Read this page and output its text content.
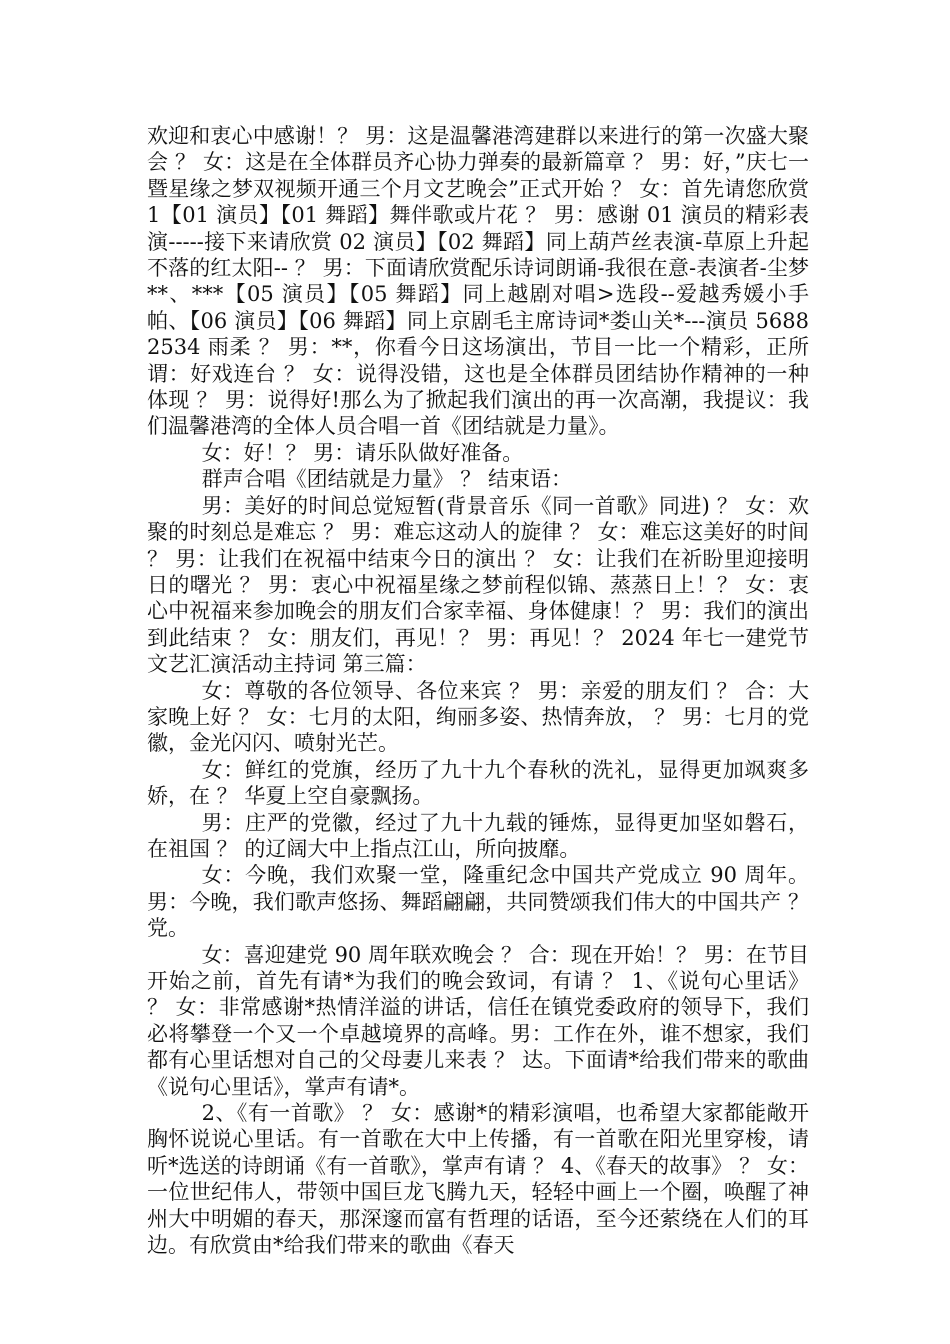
欢迎和衷心中感谢！？ 男：这是温馨港湾建群以来进行的第一次盛大聚会 ？ 女：这是在全体群员齐心协力弹奏的最新篇章 ？ 男：好，”庆七一暨星缘之梦双视频开通三个月文艺晚会”正式开始 ？ 女：首先请您欣赏 1【01 演员】【01 舞蹈】舞伴歌或片花 ？ 男：感谢 01 演员的精彩表演-----接下来请欣赏 02 演员】【02 舞蹈】同上葫芦丝表演-草原上升起不落的红太阳-- ？ 男：下面请欣赏配乐诗词朗诵-我很在意-表演者-尘梦**、***【05 演员】【05 舞蹈】同上越剧对唱>选段--爱越秀媛小手帕、【06 演员】【06 舞蹈】同上京剧毛主席诗词*娄山关*---演员 56882534 雨柔 ？ 男：**，你看今日这场演出，节目一比一个精彩，正所谓：好戏连台 ？ 女：说得没错，这也是全体群员团结协作精神的一种体现 ？ 男：说得好!那么为了掀起我们演出的再一次高潮，我提议：我们温馨港湾的全体人员合唱一首《团结就是力量》。

女：好！？ 男：请乐队做好准备。

群声合唱《团结就是力量》 ？ 结束语：

男：美好的时间总觉短暂(背景音乐《同一首歌》同进) ？ 女：欢聚的时刻总是难忘 ？ 男：难忘这动人的旋律 ？ 女：难忘这美好的时间 ？ 男：让我们在祝福中结束今日的演出 ？ 女：让我们在祈盼里迎接明日的曙光 ？ 男：衷心中祝福星缘之梦前程似锦、蒸蒸日上！？ 女：衷心中祝福来参加晚会的朋友们合家幸福、身体健康！？ 男：我们的演出到此结束 ？ 女：朋友们，再见！？ 男：再见！？ 2024 年七一建党节文艺汇演活动主持词 第三篇：

女：尊敬的各位领导、各位来宾 ？ 男：亲爱的朋友们 ？ 合：大家晚上好 ？ 女：七月的太阳，绚丽多姿、热情奔放， ？ 男：七月的党徽，金光闪闪、喷射光芒。

女：鲜红的党旗，经历了九十九个春秋的洗礼，显得更加飒爽多娇，在 ？ 华夏上空自豪飘扬。

男：庄严的党徽，经过了九十九载的锤炼，显得更加坚如磐石，在祖国 ？ 的辽阔大中上指点江山，所向披靡。

女：今晚，我们欢聚一堂，隆重纪念中国共产党成立 90 周年。男：今晚，我们歌声悠扬、舞蹈翩翩，共同赞颂我们伟大的中国共产 ？ 党。

女：喜迎建党 90 周年联欢晚会 ？ 合：现在开始！？ 男：在节目开始之前，首先有请*为我们的晚会致词，有请 ？ 1、《说句心里话》 ？ 女：非常感谢*热情洋溢的讲话，信任在镇党委政府的领导下，我们必将攀登一个又一个卓越境界的高峰。男：工作在外，谁不想家，我们都有心里话想对自己的父母妻儿来表 ？ 达。下面请*给我们带来的歌曲《说句心里话》，掌声有请*。

2、《有一首歌》 ？ 女：感谢*的精彩演唱，也希望大家都能敞开胸怀说说心里话。有一首歌在大中上传播，有一首歌在阳光里穿梭，请听*选送的诗朗诵《有一首歌》，掌声有请 ？ 4、《春天的故事》 ？ 女：一位世纪伟人，带领中国巨龙飞腾九天，轻轻中画上一个圈，唤醒了神州大中明媚的春天，那深邃而富有哲理的话语，至今还萦绕在人们的耳边。有欣赏由*给我们带来的歌曲《春天
